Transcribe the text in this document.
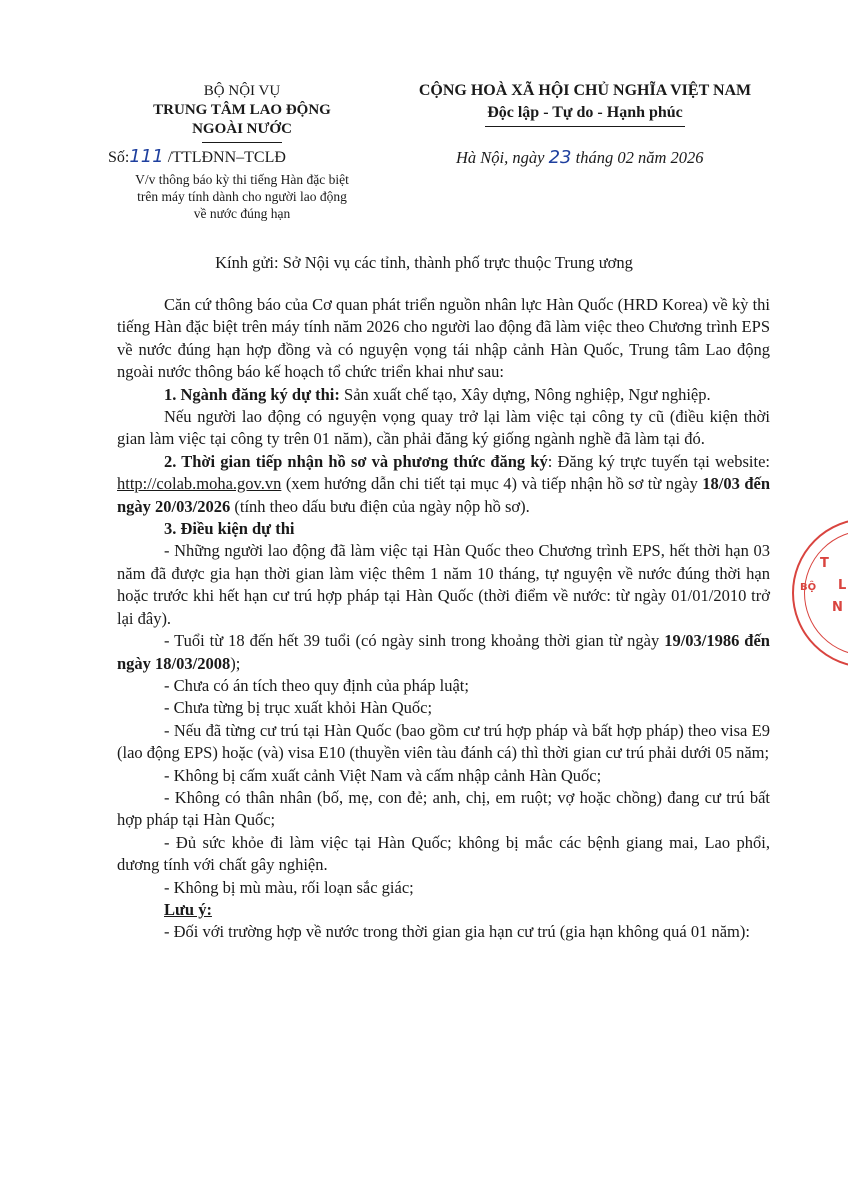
BỘ NỘI VỤ
TRUNG TÂM LAO ĐỘNG
NGOÀI NƯỚC
CỘNG HOÀ XÃ HỘI CHỦ NGHĨA VIỆT NAM
Độc lập - Tự do - Hạnh phúc
Số:111 /TTLĐNN–TCLĐ
V/v thông báo kỳ thi tiếng Hàn đặc biệt
trên máy tính dành cho người lao động
về nước đúng hạn
Hà Nội, ngày 23 tháng 02 năm 2026
Kính gửi: Sở Nội vụ các tỉnh, thành phố trực thuộc Trung ương

Căn cứ thông báo của Cơ quan phát triển nguồn nhân lực Hàn Quốc (HRD Korea) về kỳ thi tiếng Hàn đặc biệt trên máy tính năm 2026 cho người lao động đã làm việc theo Chương trình EPS về nước đúng hạn hợp đồng và có nguyện vọng tái nhập cảnh Hàn Quốc, Trung tâm Lao động ngoài nước thông báo kế hoạch tổ chức triển khai như sau:

1. Ngành đăng ký dự thi: Sản xuất chế tạo, Xây dựng, Nông nghiệp, Ngư nghiệp.

Nếu người lao động có nguyện vọng quay trở lại làm việc tại công ty cũ (điều kiện thời gian làm việc tại công ty trên 01 năm), cần phải đăng ký giống ngành nghề đã làm tại đó.

2. Thời gian tiếp nhận hồ sơ và phương thức đăng ký: Đăng ký trực tuyến tại website: http://colab.moha.gov.vn (xem hướng dẫn chi tiết tại mục 4) và tiếp nhận hồ sơ từ ngày 18/03 đến ngày 20/03/2026 (tính theo dấu bưu điện của ngày nộp hồ sơ).

3. Điều kiện dự thi

- Những người lao động đã làm việc tại Hàn Quốc theo Chương trình EPS, hết thời hạn 03 năm đã được gia hạn thời gian làm việc thêm 1 năm 10 tháng, tự nguyện về nước đúng thời hạn hoặc trước khi hết hạn cư trú hợp pháp tại Hàn Quốc (thời điểm về nước: từ ngày 01/01/2010 trở lại đây).

- Tuổi từ 18 đến hết 39 tuổi (có ngày sinh trong khoảng thời gian từ ngày 19/03/1986 đến ngày 18/03/2008);

- Chưa có án tích theo quy định của pháp luật;

- Chưa từng bị trục xuất khỏi Hàn Quốc;

- Nếu đã từng cư trú tại Hàn Quốc (bao gồm cư trú hợp pháp và bất hợp pháp) theo visa E9 (lao động EPS) hoặc (và) visa E10 (thuyền viên tàu đánh cá) thì thời gian cư trú phải dưới 05 năm;

- Không bị cấm xuất cảnh Việt Nam và cấm nhập cảnh Hàn Quốc;

- Không có thân nhân (bố, mẹ, con đẻ; anh, chị, em ruột; vợ hoặc chồng) đang cư trú bất hợp pháp tại Hàn Quốc;

- Đủ sức khỏe đi làm việc tại Hàn Quốc; không bị mắc các bệnh giang mai, Lao phổi, dương tính với chất gây nghiện.

- Không bị mù màu, rối loạn sắc giác;

Lưu ý:

- Đối với trường hợp về nước trong thời gian gia hạn cư trú (gia hạn không quá 01 năm):

T
L
N
BỘ
